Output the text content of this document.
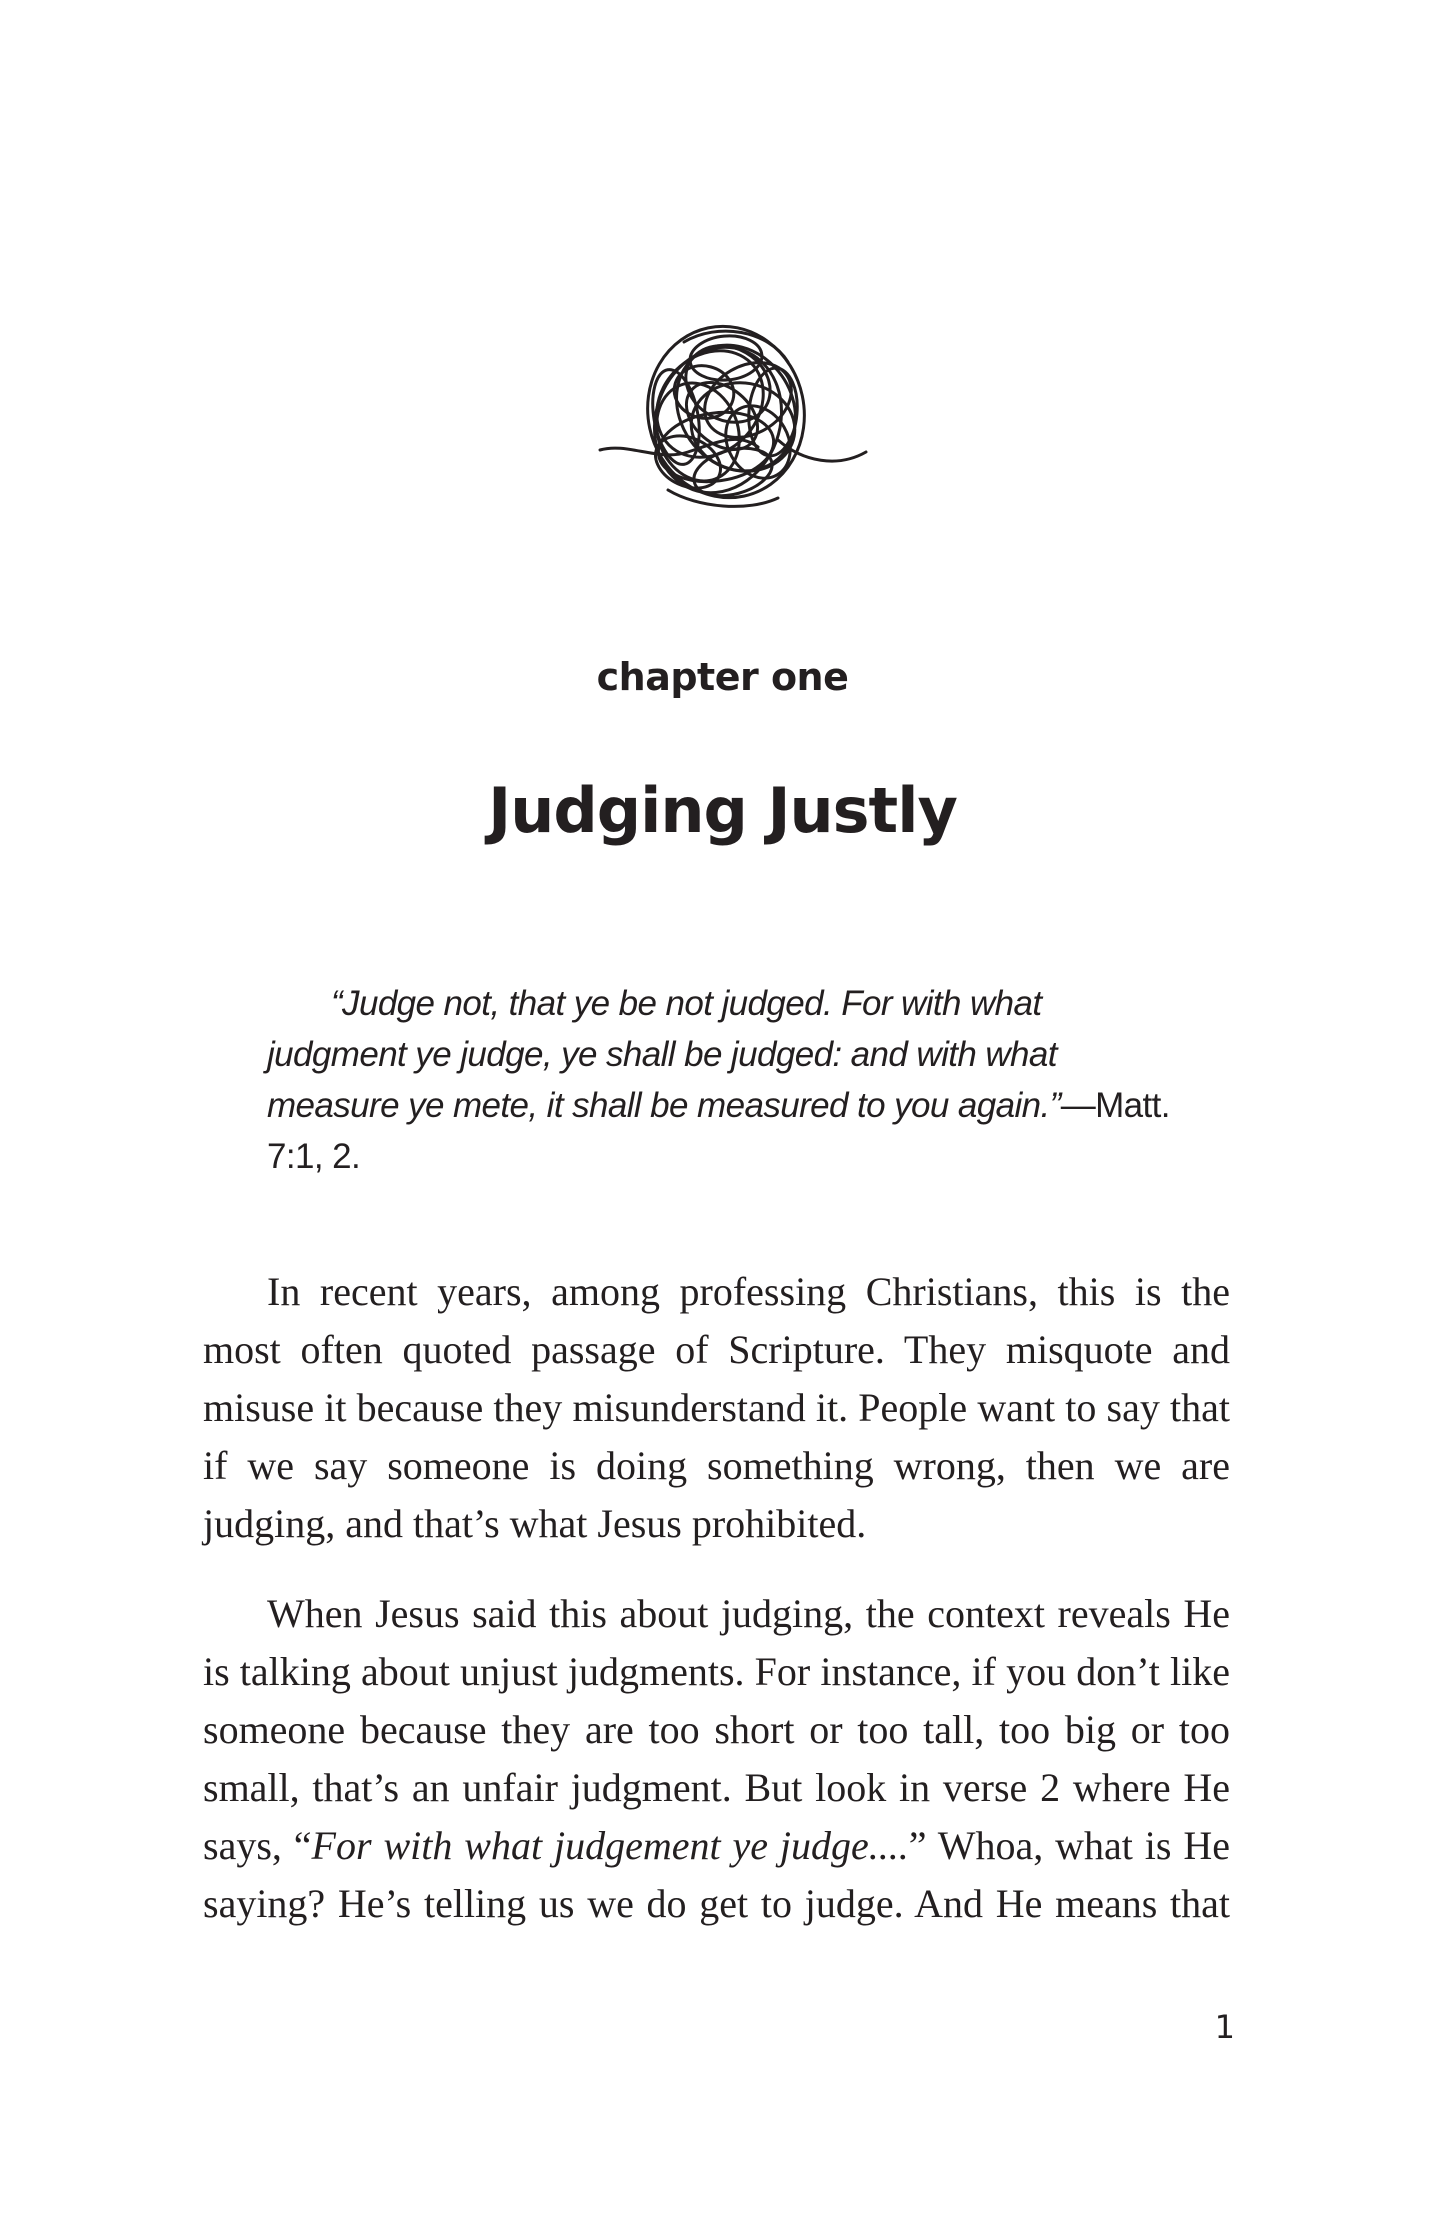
chapter one
Judging Justly
“Judge not, that ye be not judged. For with what judgment ye judge, ye shall be judged: and with what measure ye mete, it shall be measured to you again.”—Matt. 7:1, 2.

In recent years, among professing Christians, this is the most often quoted passage of Scripture. They misquote and misuse it because they misunderstand it. People want to say that if we say someone is doing something wrong, then we are judging, and that’s what Jesus prohibited.

When Jesus said this about judging, the context reveals He is talking about unjust judgments. For instance, if you don’t like someone because they are too short or too tall, too big or too small, that’s an unfair judgment. But look in verse 2 where He says, “For with what judgement ye judge....” Whoa, what is He saying? He’s telling us we do get to judge. And He means that

1
